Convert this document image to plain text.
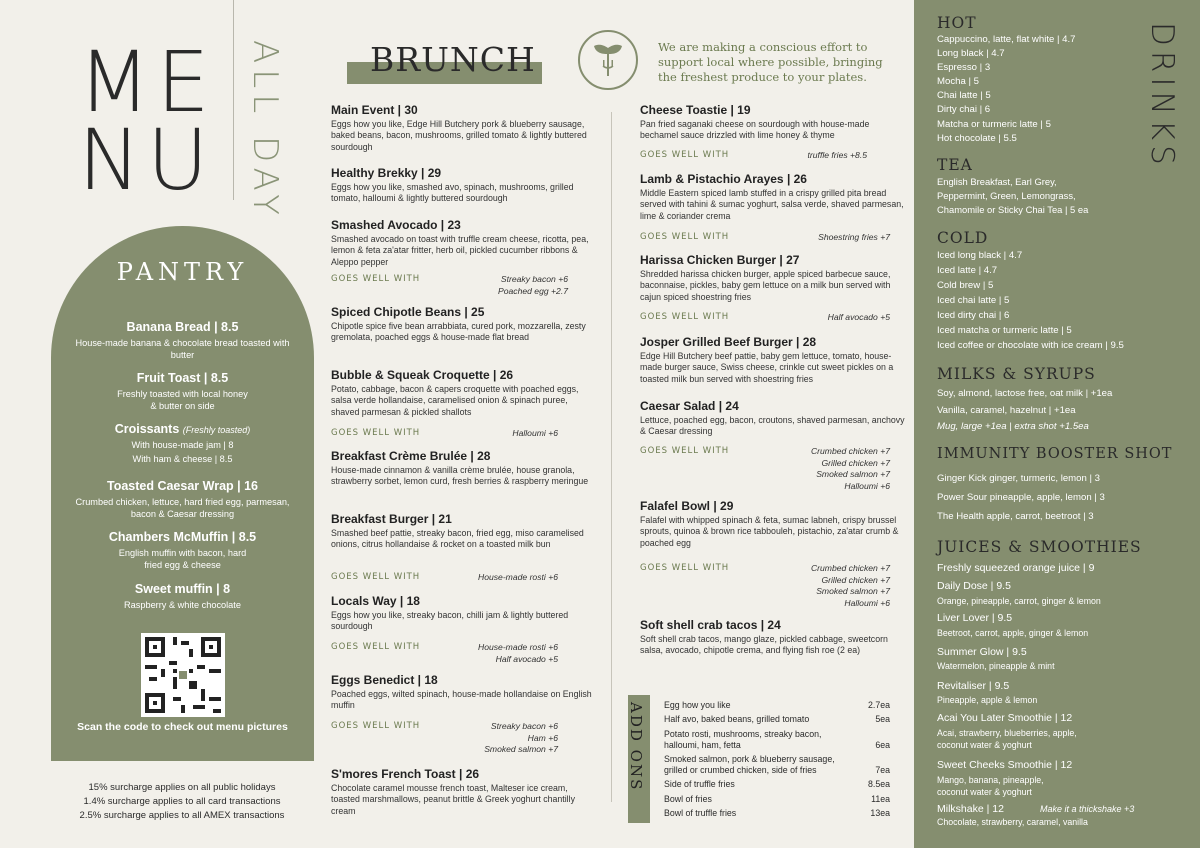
ME
NU ALL DAY
PANTRY
Banana Bread | 8.5
House-made banana & chocolate bread toasted with butter
Fruit Toast | 8.5
Freshly toasted with local honey & butter on side
Croissants (Freshly toasted)
With house-made jam | 8
With ham & cheese | 8.5
Toasted Caesar Wrap | 16
Crumbed chicken, lettuce, hard fried egg, parmesan, bacon & Caesar dressing
Chambers McMuffin | 8.5
English muffin with bacon, hard fried egg & cheese
Sweet muffin | 8
Raspberry & white chocolate
Scan the code to check out menu pictures
15% surcharge applies on all public holidays
1.4% surcharge applies to all card transactions
2.5% surcharge applies to all AMEX transactions
BRUNCH	We are making a conscious effort to support local where possible, bringing the freshest produce to your plates.
Main Event | 30
Eggs how you like, Edge Hill Butchery pork & blueberry sausage, baked beans, bacon, mushrooms, grilled tomato & lightly buttered sourdough
Healthy Brekky | 29
Eggs how you like, smashed avo, spinach, mushrooms, grilled tomato, halloumi & lightly buttered sourdough
Smashed Avocado | 23
Smashed avocado on toast with truffle cream cheese, ricotta, pea, lemon & feta za'atar fritter, herb oil, pickled cucumber ribbons & Aleppo pepper
GOES WELL WITH	Streaky bacon +6
Poached egg +2.7
Spiced Chipotle Beans | 25
Chipotle spice five bean arrabbiata, cured pork, mozzarella, zesty gremolata, poached eggs & house-made flat bread
Bubble & Squeak Croquette | 26
Potato, cabbage, bacon & capers croquette with poached eggs, salsa verde hollandaise, caramelised onion & spinach puree, shaved parmesan & pickled shallots
GOES WELL WITH	Halloumi +6
Breakfast Crème Brulée | 28
House-made cinnamon & vanilla crème brulée, house granola, strawberry sorbet, lemon curd, fresh berries & raspberry meringue
Breakfast Burger | 21
Smashed beef pattie, streaky bacon, fried egg, miso caramelised onions, citrus hollandaise & rocket on a toasted milk bun
GOES WELL WITH	House-made rosti +6
Locals Way | 18
Eggs how you like, streaky bacon, chilli jam & lightly buttered sourdough
GOES WELL WITH	House-made rosti +6
Half avocado +5
Eggs Benedict | 18
Poached eggs, wilted spinach, house-made hollandaise on English muffin
GOES WELL WITH	Streaky bacon +6
Ham +6
Smoked salmon +7
S'mores French Toast | 26
Chocolate caramel mousse french toast, Malteser ice cream, toasted marshmallows, peanut brittle & Greek yoghurt chantilly cream
Cheese Toastie | 19
Pan fried saganaki cheese on sourdough with house-made bechamel sauce drizzled with lime honey & thyme
GOES WELL WITH	truffle fries +8.5
Lamb & Pistachio Arayes | 26
Middle Eastern spiced lamb stuffed in a crispy grilled pita bread served with tahini & sumac yoghurt, salsa verde, shaved parmesan, lime & coriander crema
GOES WELL WITH	Shoestring fries +7
Harissa Chicken Burger | 27
Shredded harissa chicken burger, apple spiced barbecue sauce, baconnaise, pickles, baby gem lettuce on a milk bun served with cajun spiced shoestring fries
GOES WELL WITH	Half avocado +5
Josper Grilled Beef Burger | 28
Edge Hill Butchery beef pattie, baby gem lettuce, tomato, house-made burger sauce, Swiss cheese, crinkle cut sweet pickles on a toasted milk bun served with shoestring fries
Caesar Salad | 24
Lettuce, poached egg, bacon, croutons, shaved parmesan, anchovy & Caesar dressing
GOES WELL WITH	Crumbed chicken +7
Grilled chicken +7
Smoked salmon +7
Halloumi +6
Falafel Bowl | 29
Falafel with whipped spinach & feta, sumac labneh, crispy brussel sprouts, quinoa & brown rice tabbouleh, pistachio, za'atar crumb & poached egg
GOES WELL WITH	Crumbed chicken +7
Grilled chicken +7
Smoked salmon +7
Halloumi +6
Soft shell crab tacos | 24
Soft shell crab tacos, mango glaze, pickled cabbage, sweetcorn salsa, avocado, chipotle crema, and flying fish roe (2 ea)
ADD ONS Egg how you like	2.7ea
Half avo, baked beans, grilled tomato	5ea
Potato rosti, mushrooms, streaky bacon, halloumi, ham, fetta	6ea
Smoked salmon, pork & blueberry sausage, grilled or crumbed chicken, side of fries	7ea
Side of truffle fries	8.5ea
Bowl of fries	11ea
Bowl of truffle fries	13ea
DRINKS
HOT
Cappuccino, latte, flat white | 4.7
Long black | 4.7
Espresso | 3
Mocha | 5
Chai latte | 5
Dirty chai | 6
Matcha or turmeric latte | 5
Hot chocolate | 5.5
TEA
English Breakfast, Earl Grey, Peppermint, Green, Lemongrass, Chamomile or Sticky Chai Tea | 5 ea
COLD
Iced long black | 4.7
Iced latte | 4.7
Cold brew | 5
Iced chai latte | 5
Iced dirty chai | 6
Iced matcha or turmeric latte | 5
Iced coffee or chocolate with ice cream | 9.5
MILKS & SYRUPS
Soy, almond, lactose free, oat milk | +1ea
Vanilla, caramel, hazelnut | +1ea
Mug, large +1ea | extra shot +1.5ea
IMMUNITY BOOSTER SHOT
Ginger Kick ginger, turmeric, lemon | 3
Power Sour pineapple, apple, lemon | 3
The Health apple, carrot, beetroot | 3
JUICES & SMOOTHIES
Freshly squeezed orange juice | 9
Daily Dose | 9.5
Orange, pineapple, carrot, ginger & lemon
Liver Lover | 9.5
Beetroot, carrot, apple, ginger & lemon
Summer Glow | 9.5
Watermelon, pineapple & mint
Revitaliser | 9.5
Pineapple, apple & lemon
Acai You Later Smoothie | 12
Acai, strawberry, blueberries, apple, coconut water & yoghurt
Sweet Cheeks Smoothie | 12
Mango, banana, pineapple, coconut water & yoghurt
Milkshake | 12	Make it a thickshake +3
Chocolate, strawberry, caramel, vanilla
